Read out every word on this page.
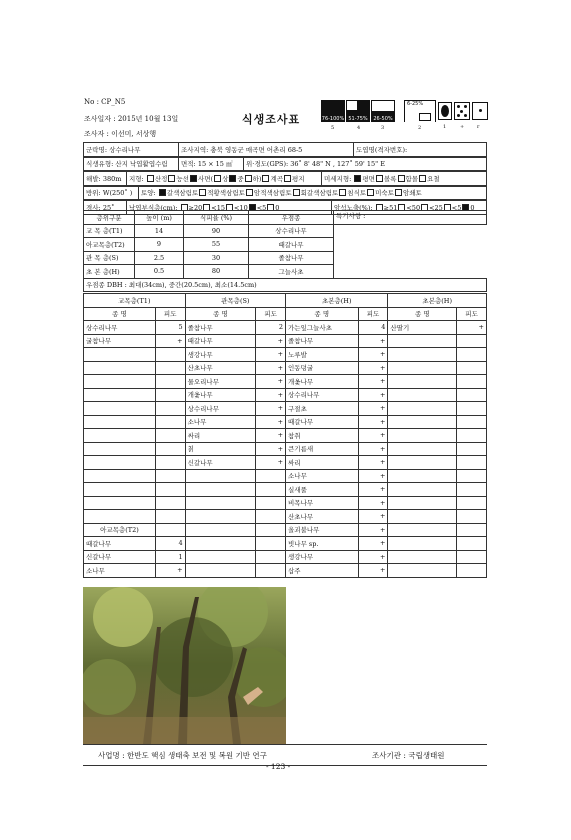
No : CP_N5
조사일자 : 2015년 10월 13일
조사자 : 이선미, 서상행
식생조사표	76-100% 51-75%	26-50%
5	4	3
6-25%
2	1	+	r
군락명: 상수리나무	조사지역: 충북 영동군 매곡면 어촌리 68-5	도엽명(격자번호):
식생유형: 산지 낙엽활엽수림	면적: 15 × 15 ㎡	위·경도(GPS): 36˚ 8' 48" N , 127˚ 59' 15" E
해발: 380m	지형: 산정 능선 사면( 상 중 하) 계곡 평지	미세지형: 평면 볼록 함몰 요철
방위: W(250˚ )	토양: 갈색삼림토 적황색삼림토 암적색삼림토 회갈색삼림토 침식토 미숙토 암쇄토
경사: 25˚	낙엽부식층(cm): ≥20 <15 <10 <5 0	암석노출(%): ≥51 <50 <25 <5 0
층위구분	높이 (m)	식피율 (%)	우점종	특기사항 :
교 목 층(T1)	14	90	상수리나무	
아교목층(T2)	9	55	때갈나무	
관 목 층(S)	2.5	30	졸참나무	
초 본 층(H)	0.5	80	그늘사초	
우점종 DBH : 최대(34cm), 중간(20.5cm), 최소(14.5cm)				
교목층(T1)		관목층(S)		초본층(H)		초본층(H)	
종 명	피도	종 명	피도	종 명	피도	종 명	피도
상수리나무	5	졸참나무	2	가는잎그늘사초	4	산딸기	+
굴참나무	+	때갈나무	+	졸참나무	+		
		생강나무	+	노루발	+		
		산초나무	+	인동덩굴	+		
		물오리나무	+	개옻나무	+		
		개옻나무	+	상수리나무	+		
		상수리나무	+	구절초	+		
		소나무	+	때갈나무	+		
		싸리	+	참취	+		
		칡	+	큰기름새	+		
		신갈나무	+	싸리	+		
				소나무	+		
				실새풀	+		
				비목나무	+		
				산초나무	+		
아교목층(T2)				올괴불나무	+		
때갈나무	4			빗나무 sp.	+		
신갈나무	1			생강나무	+		
소나무	+			삽주	+		
사업명 : 한반도 핵심 생태축 보전 및 복원 기반 연구	조사기관 : 국립생태원
- 123 -
